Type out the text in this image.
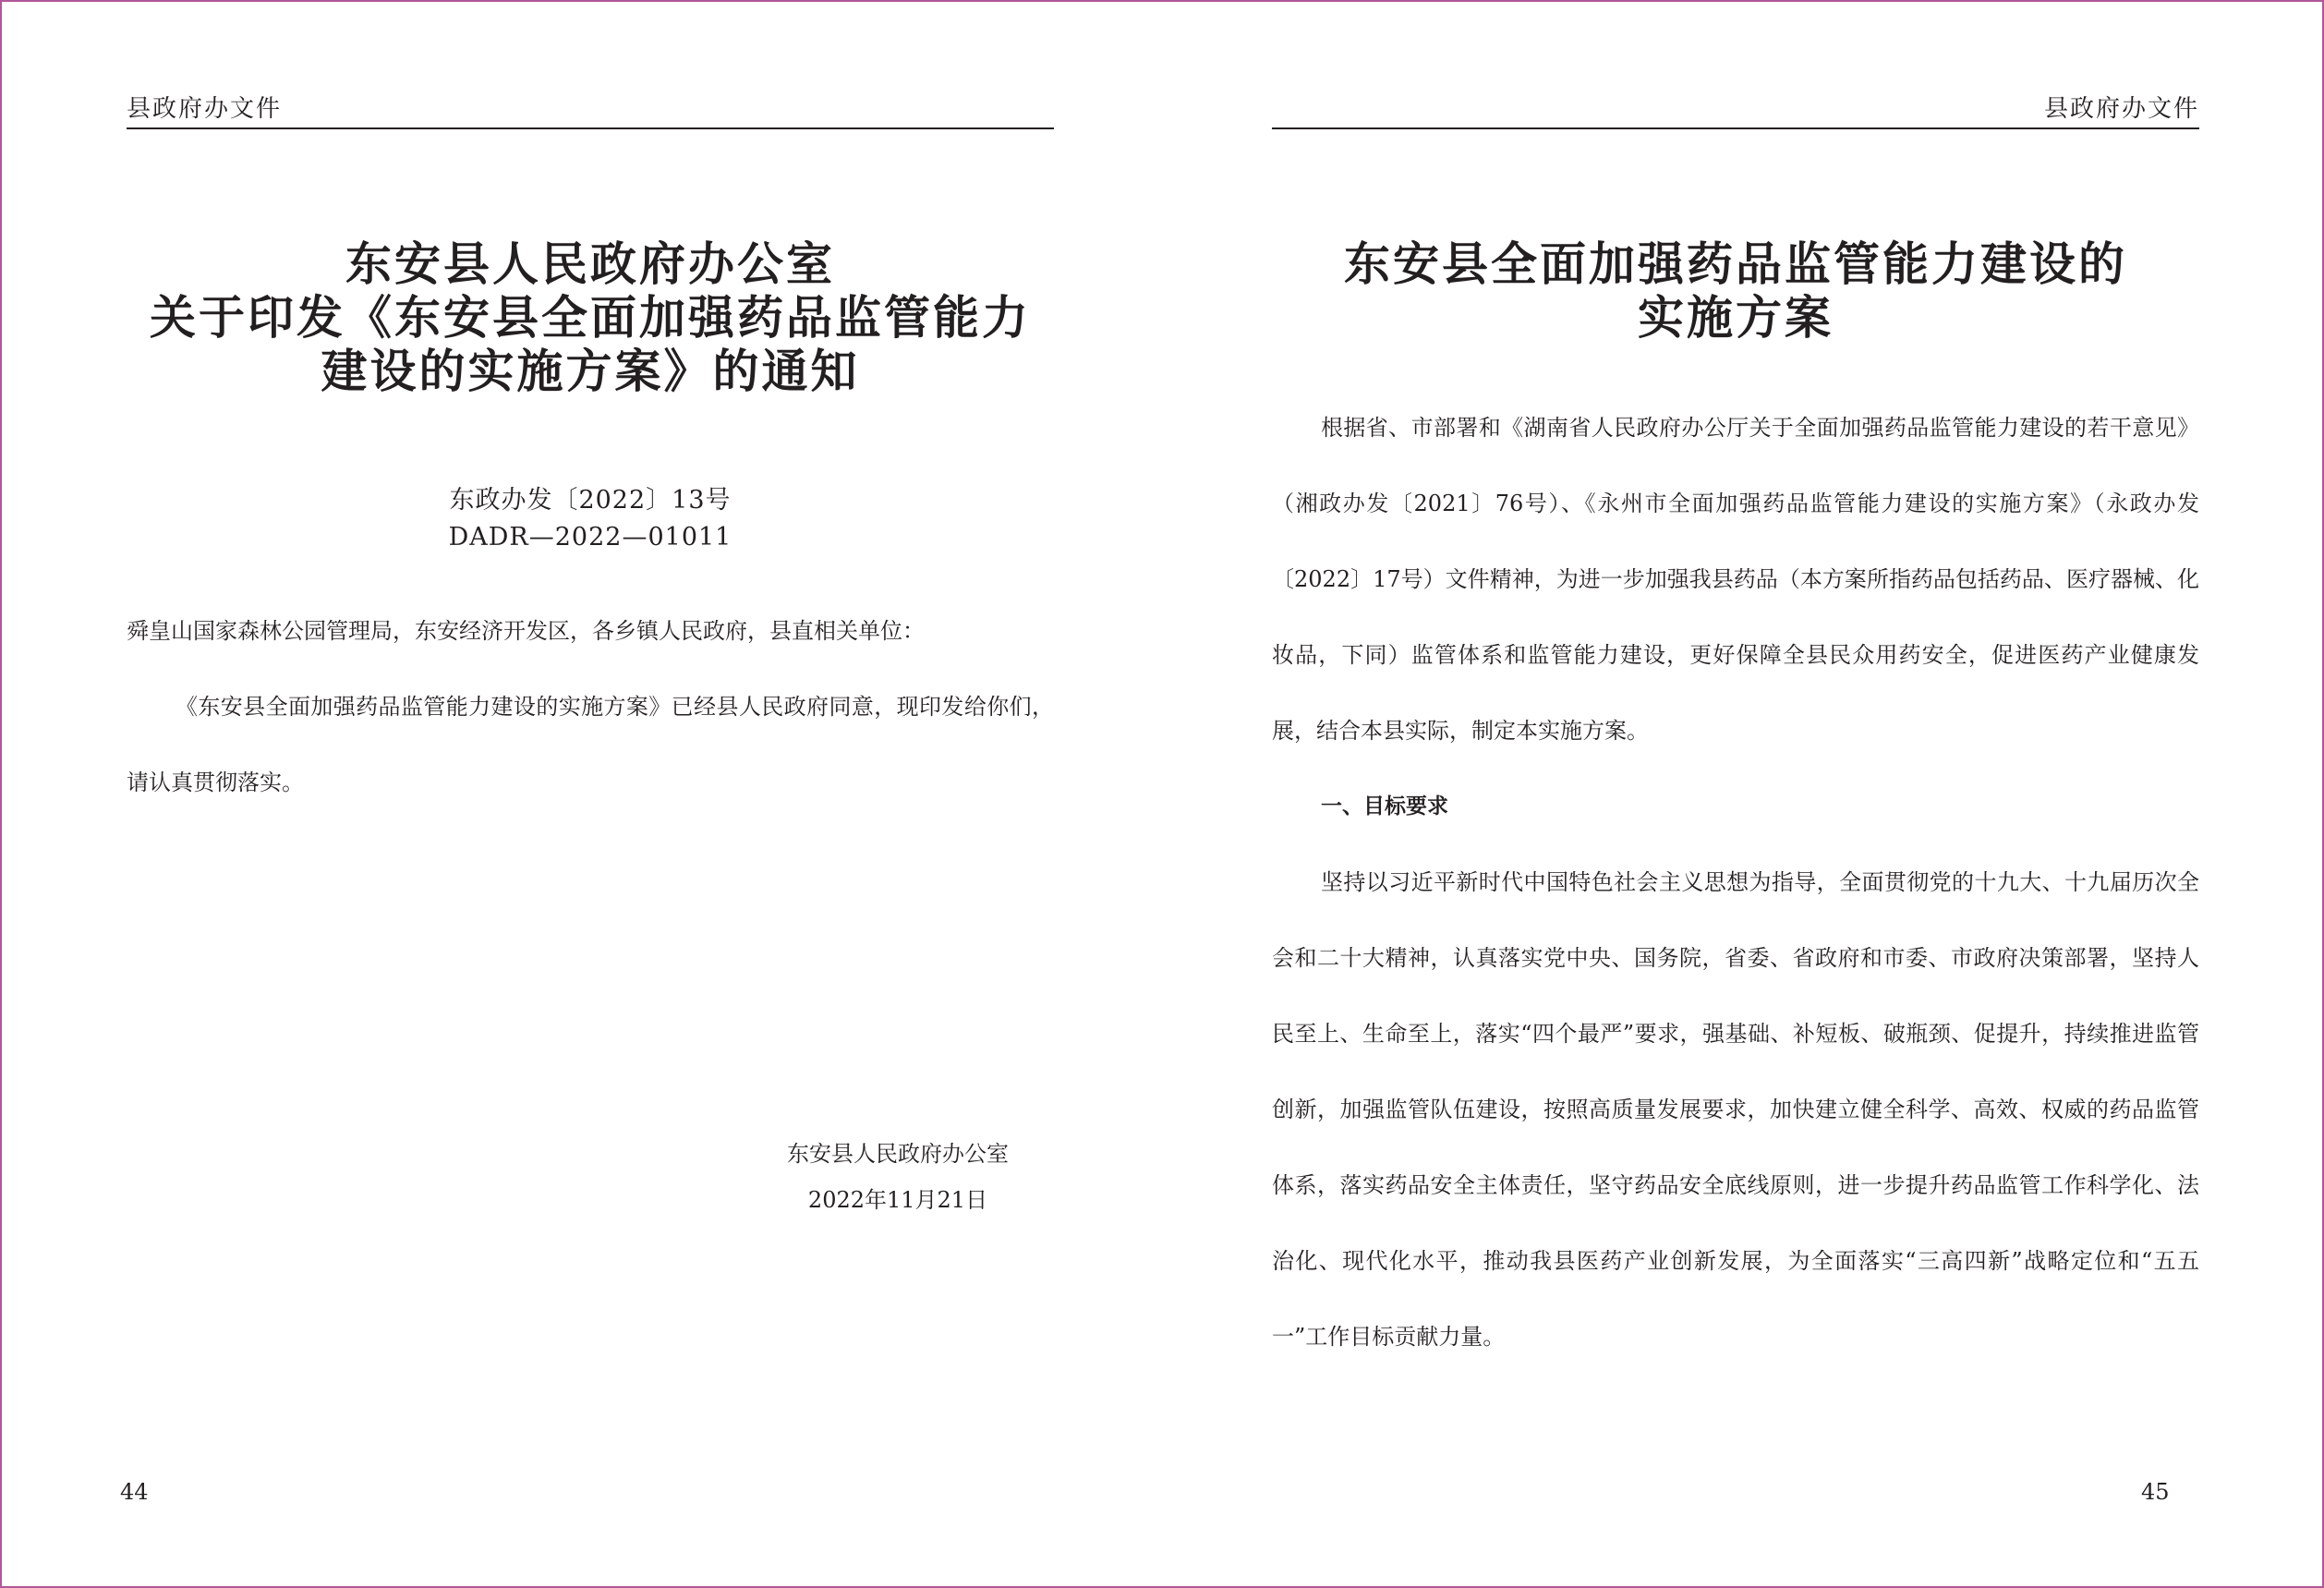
县政府办文件
东安县人民政府办公室
关于印发《东安县全面加强药品监管能力
建设的实施方案》的通知
东政办发〔2022〕13号
DADR—2022—01011

舜皇山国家森林公园管理局，东安经济开发区，各乡镇人民政府，县直相关单位：

《东安县全面加强药品监管能力建设的实施方案》已经县人民政府同意，现印发给你们，请认真贯彻落实。

东安县人民政府办公室
2022年11月21日
44
县政府办文件
东安县全面加强药品监管能力建设的
实施方案

根据省、市部署和《湖南省人民政府办公厅关于全面加强药品监管能力建设的若干意见》（湘政办发〔2021〕76号）、《永州市全面加强药品监管能力建设的实施方案》（永政办发〔2022〕17号）文件精神，为进一步加强我县药品（本方案所指药品包括药品、医疗器械、化妆品，下同）监管体系和监管能力建设，更好保障全县民众用药安全，促进医药产业健康发展，结合本县实际，制定本实施方案。

一、目标要求

坚持以习近平新时代中国特色社会主义思想为指导，全面贯彻党的十九大、十九届历次全会和二十大精神，认真落实党中央、国务院，省委、省政府和市委、市政府决策部署，坚持人民至上、生命至上，落实“四个最严”要求，强基础、补短板、破瓶颈、促提升，持续推进监管创新，加强监管队伍建设，按照高质量发展要求，加快建立健全科学、高效、权威的药品监管体系，落实药品安全主体责任，坚守药品安全底线原则，进一步提升药品监管工作科学化、法治化、现代化水平，推动我县医药产业创新发展，为全面落实“三高四新”战略定位和“五五一”工作目标贡献力量。

45
